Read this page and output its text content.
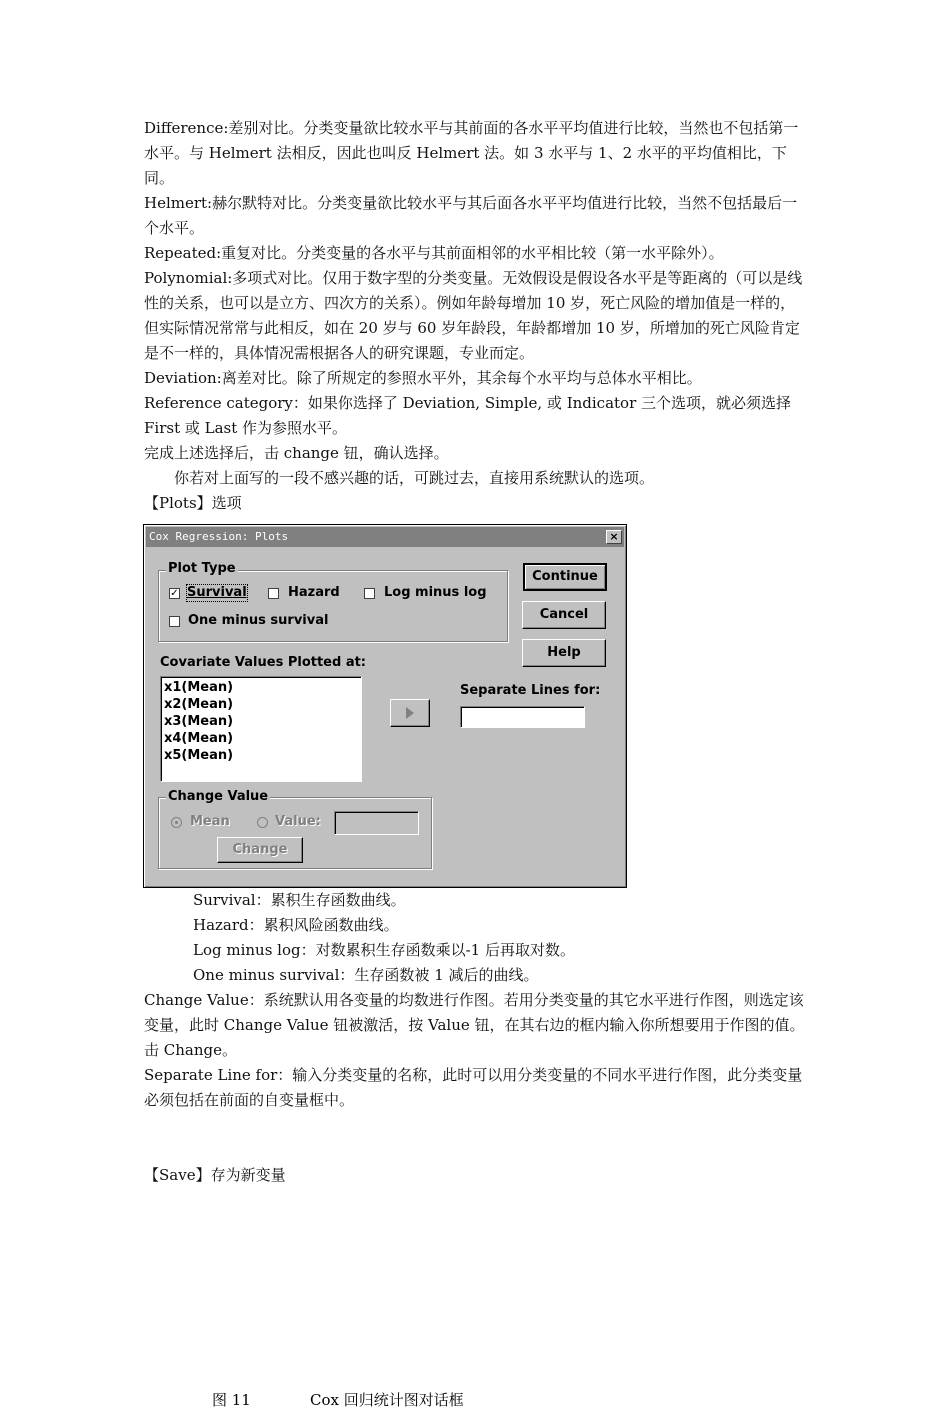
Difference:差别对比。分类变量欲比较水平与其前面的各水平平均值进行比较，当然也不包括第一水平。与 Helmert 法相反，因此也叫反 Helmert 法。如 3 水平与 1、2 水平的平均值相比，下同。

Helmert:赫尔默特对比。分类变量欲比较水平与其后面各水平平均值进行比较，当然不包括最后一个水平。

Repeated:重复对比。分类变量的各水平与其前面相邻的水平相比较（第一水平除外）。

Polynomial:多项式对比。仅用于数字型的分类变量。无效假设是假设各水平是等距离的（可以是线性的关系，也可以是立方、四次方的关系）。例如年龄每增加 10 岁，死亡风险的增加值是一样的，但实际情况常常与此相反，如在 20 岁与 60 岁年龄段，年龄都增加 10 岁，所增加的死亡风险肯定是不一样的，具体情况需根据各人的研究课题，专业而定。

Deviation:离差对比。除了所规定的参照水平外，其余每个水平均与总体水平相比。

Reference category：如果你选择了 Deviation, Simple, 或 Indicator 三个选项，就必须选择 First 或 Last 作为参照水平。

完成上述选择后，击 change 钮，确认选择。

　　你若对上面写的一段不感兴趣的话，可跳过去，直接用系统默认的选项。

【Plots】选项

Cox Regression: Plots	×
Plot Type
✓ Survival	Hazard	Log minus log
One minus survival
Continue
Cancel
Help
Covariate Values Plotted at:
x1(Mean)
x2(Mean)
x3(Mean)
x4(Mean)
x5(Mean)
Separate Lines for:
Change Value
Mean	Value:
Change
图 11	Cox 回归统计图对话框

Survival：累积生存函数曲线。

Hazard：累积风险函数曲线。

Log minus log：对数累积生存函数乘以-1 后再取对数。

One minus survival：生存函数被 1 减后的曲线。

Change Value：系统默认用各变量的均数进行作图。若用分类变量的其它水平进行作图，则选定该变量，此时 Change Value 钮被激活，按 Value 钮，在其右边的框内输入你所想要用于作图的值。击 Change。

Separate Line for：输入分类变量的名称，此时可以用分类变量的不同水平进行作图，此分类变量必须包括在前面的自变量框中。

【Save】存为新变量
